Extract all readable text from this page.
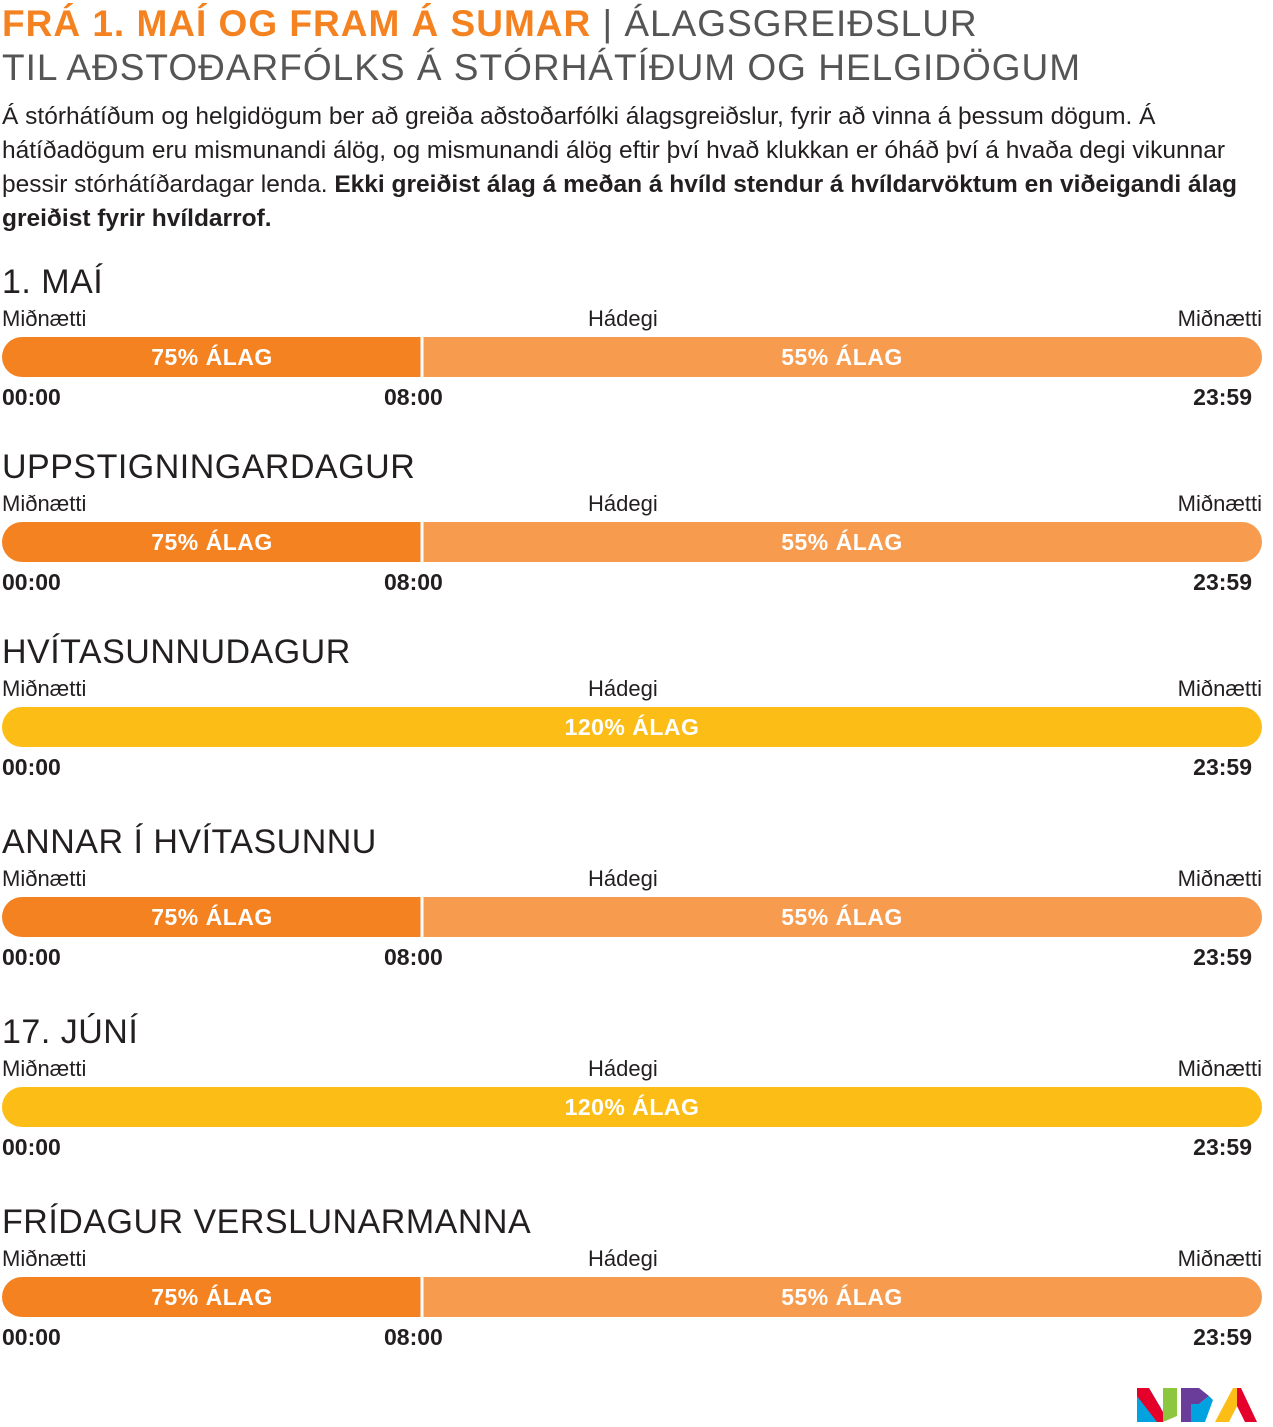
FRÁ 1. MAÍ OG FRAM Á SUMAR | ÁLAGSGREIÐSLUR
TIL AÐSTOÐARFÓLKS Á STÓRHÁTÍÐUM OG HELGIDÖGUM
Á stórhátíðum og helgidögum ber að greiða aðstoðarfólki álagsgreiðslur, fyrir að vinna á þessum dögum. Á hátíðadögum eru mismunandi álög, og mismunandi álög eftir því hvað klukkan er óháð því á hvaða degi vikunnar þessir stórhátíðardagar lenda. Ekki greiðist álag á meðan á hvíld stendur á hvíldarvöktum en viðeigandi álag greiðist fyrir hvíldarrof.
1. MAÍ
Miðnætti	Hádegi	Miðnætti
75% ÁLAG	55% ÁLAG
00:00	08:00	23:59
UPPSTIGNINGARDAGUR
Miðnætti	Hádegi	Miðnætti
75% ÁLAG	55% ÁLAG
00:00	08:00	23:59
HVÍTASUNNUDAGUR
Miðnætti	Hádegi	Miðnætti
120% ÁLAG
00:00	23:59
ANNAR Í HVÍTASUNNU
Miðnætti	Hádegi	Miðnætti
75% ÁLAG	55% ÁLAG
00:00	08:00	23:59
17. JÚNÍ
Miðnætti	Hádegi	Miðnætti
120% ÁLAG
00:00	23:59
FRÍDAGUR VERSLUNARMANNA
Miðnætti	Hádegi	Miðnætti
75% ÁLAG	55% ÁLAG
00:00	08:00	23:59
